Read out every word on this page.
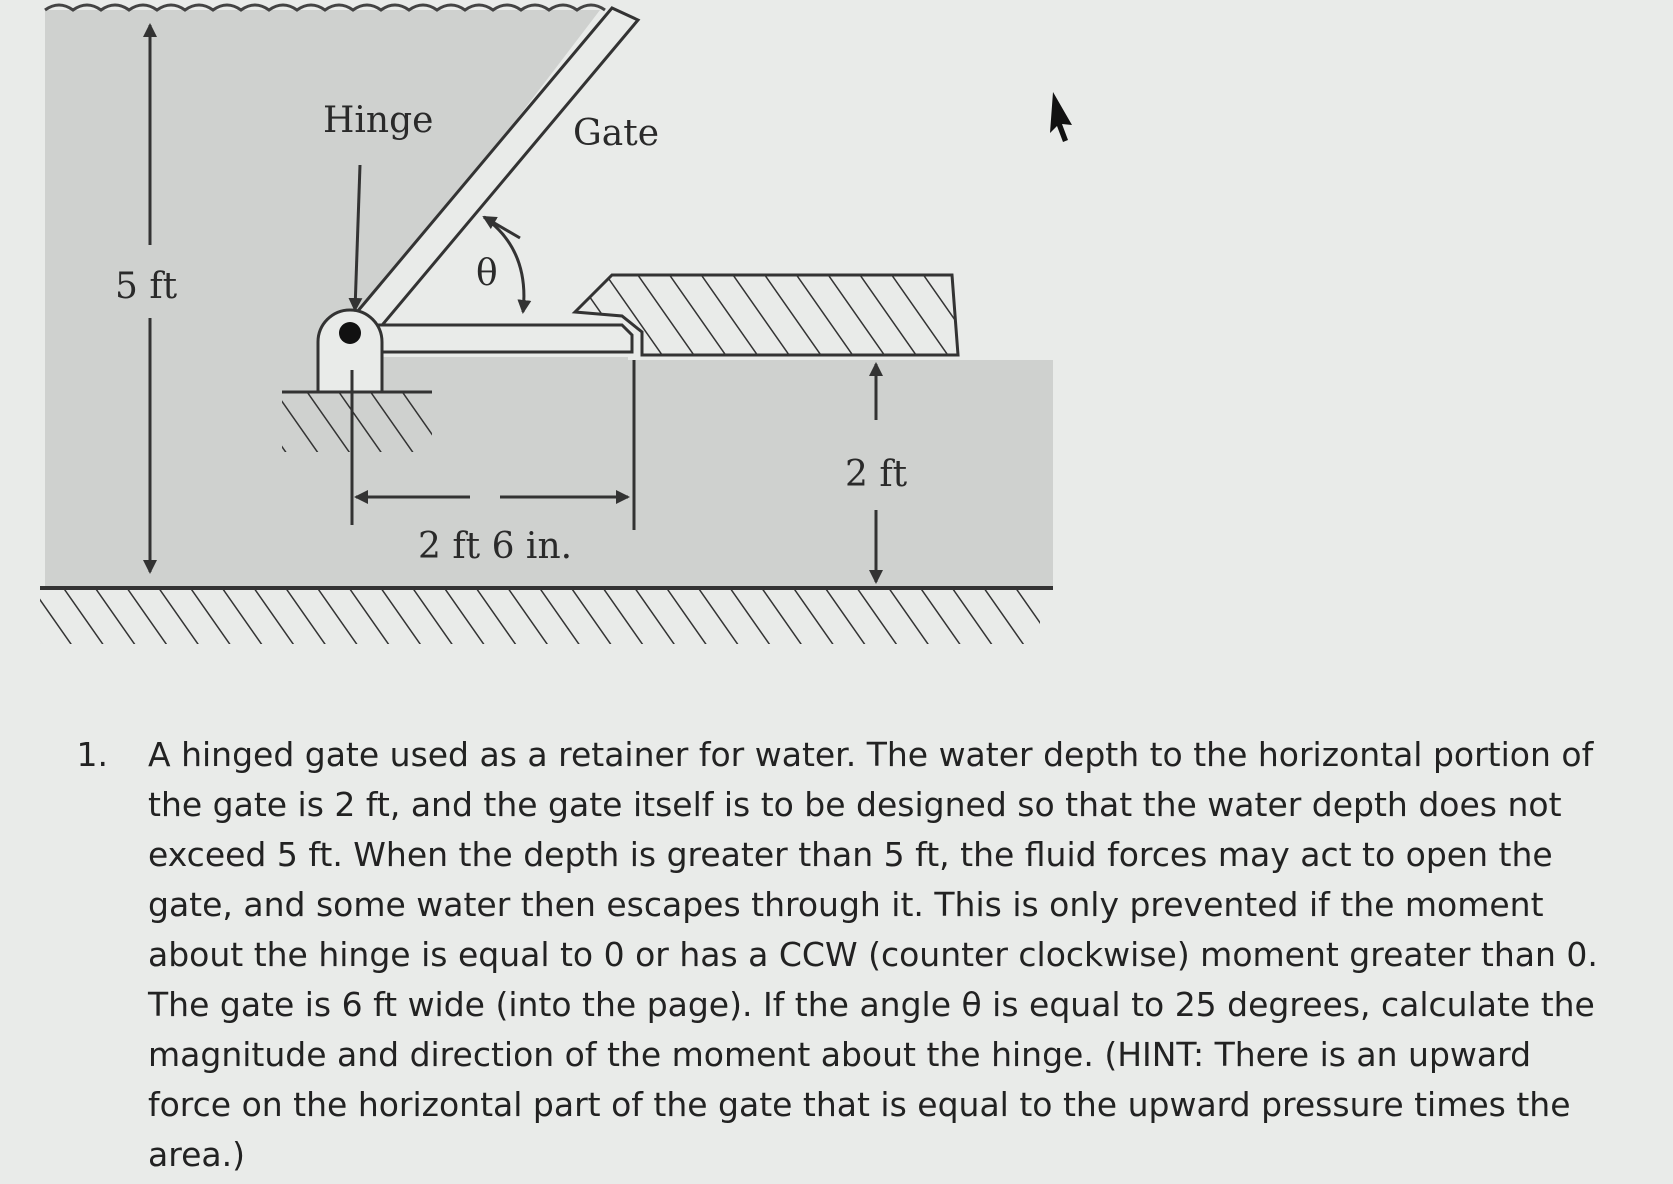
Hinge	Gate
θ
5 ft
2 ft
2 ft 6 in.
1.	A hinged gate used as a retainer for water. The water depth to the horizontal portion of the gate is 2 ft, and the gate itself is to be designed so that the water depth does not exceed 5 ft. When the depth is greater than 5 ft, the fluid forces may act to open the gate, and some water then escapes through it. This is only prevented if the moment about the hinge is equal to 0 or has a CCW (counter clockwise) moment greater than 0. The gate is 6 ft wide (into the page). If the angle θ is equal to 25 degrees, calculate the magnitude and direction of the moment about the hinge. (HINT: There is an upward force on the horizontal part of the gate that is equal to the upward pressure times the area.)
